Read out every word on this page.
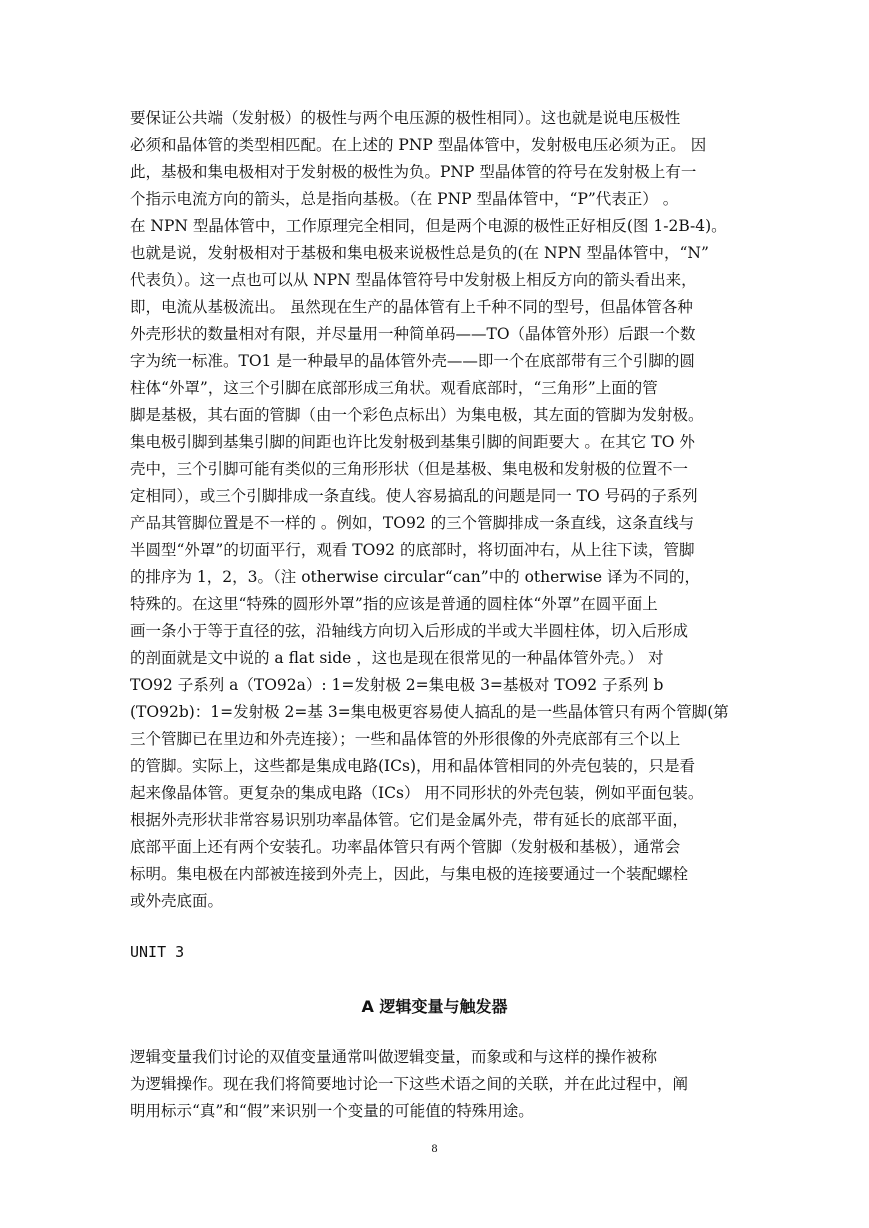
要保证公共端（发射极）的极性与两个电压源的极性相同）。这也就是说电压极性
必须和晶体管的类型相匹配。在上述的 PNP 型晶体管中，发射极电压必须为正。 因
此，基极和集电极相对于发射极的极性为负。PNP 型晶体管的符号在发射极上有一
个指示电流方向的箭头，总是指向基极。（在 PNP 型晶体管中，“P”代表正） 。
在 NPN 型晶体管中，工作原理完全相同，但是两个电源的极性正好相反(图 1-2B-4)。
也就是说，发射极相对于基极和集电极来说极性总是负的(在 NPN 型晶体管中，“N”
代表负）。这一点也可以从 NPN 型晶体管符号中发射极上相反方向的箭头看出来，
即，电流从基极流出。 虽然现在生产的晶体管有上千种不同的型号，但晶体管各种
外壳形状的数量相对有限，并尽量用一种简单码——TO（晶体管外形）后跟一个数
字为统一标准。TO1 是一种最早的晶体管外壳——即一个在底部带有三个引脚的圆
柱体“外罩”，这三个引脚在底部形成三角状。观看底部时，“三角形”上面的管
脚是基极，其右面的管脚（由一个彩色点标出）为集电极，其左面的管脚为发射极。
集电极引脚到基集引脚的间距也许比发射极到基集引脚的间距要大 。在其它 TO 外
壳中，三个引脚可能有类似的三角形形状（但是基极、集电极和发射极的位置不一
定相同），或三个引脚排成一条直线。使人容易搞乱的问题是同一 TO 号码的子系列
产品其管脚位置是不一样的 。例如，TO92 的三个管脚排成一条直线，这条直线与
半圆型“外罩”的切面平行，观看 TO92 的底部时，将切面冲右，从上往下读，管脚
的排序为 1，2，3。（注 otherwise circular“can”中的 otherwise 译为不同的，
特殊的。在这里“特殊的圆形外罩”指的应该是普通的圆柱体“外罩”在圆平面上
画一条小于等于直径的弦，沿轴线方向切入后形成的半或大半圆柱体，切入后形成
的剖面就是文中说的 a flat side ，这也是现在很常见的一种晶体管外壳。） 对
TO92 子系列 a（TO92a）: 1=发射极 2=集电极 3=基极对 TO92 子系列 b
(TO92b)：1=发射极 2=基 3=集电极更容易使人搞乱的是一些晶体管只有两个管脚(第
三个管脚已在里边和外壳连接）；一些和晶体管的外形很像的外壳底部有三个以上
的管脚。实际上，这些都是集成电路(ICs)，用和晶体管相同的外壳包装的，只是看
起来像晶体管。更复杂的集成电路（ICs） 用不同形状的外壳包装，例如平面包装。
根据外壳形状非常容易识别功率晶体管。它们是金属外壳，带有延长的底部平面，
底部平面上还有两个安装孔。功率晶体管只有两个管脚（发射极和基极），通常会
标明。集电极在内部被连接到外壳上，因此，与集电极的连接要通过一个装配螺栓
或外壳底面。
UNIT 3
A 逻辑变量与触发器
逻辑变量我们讨论的双值变量通常叫做逻辑变量，而象或和与这样的操作被称
为逻辑操作。现在我们将简要地讨论一下这些术语之间的关联，并在此过程中，阐
明用标示“真”和“假”来识别一个变量的可能值的特殊用途。
8
